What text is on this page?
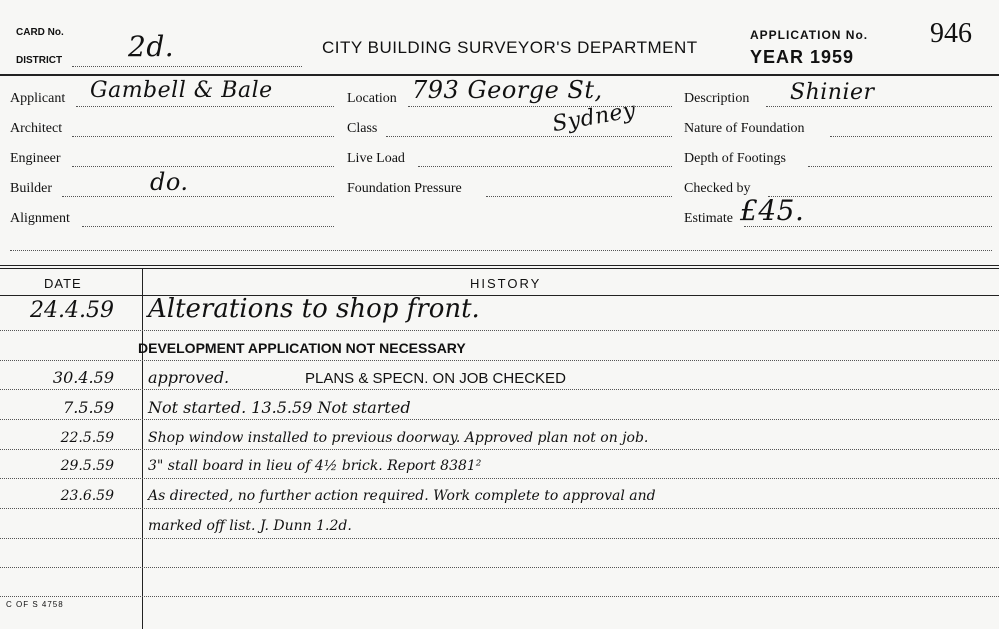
CARD No.
DISTRICT 2d.	CITY BUILDING SURVEYOR'S DEPARTMENT
APPLICATION No. 946
YEAR 1959
Applicant Gambell & Bale
Architect
Engineer
Builder	do.
Alignment
Location 793 George St,
Sydney
Class
Live Load
Foundation Pressure
Description Shinier
Nature of Foundation
Depth of Footings
Checked by
Estimate £45.
DATE	HISTORY
24.4.59 Alterations to shop front.
DEVELOPMENT APPLICATION NOT NECESSARY
30.4.59 approved.	PLANS & SPECN. ON JOB CHECKED
7.5.59 Not started. 13.5.59 Not started
22.5.59 Shop window installed to previous doorway. Approved plan not on job.
29.5.59 3" stall board in lieu of 4½ brick. Report 8381²
23.6.59 As directed, no further action required. Work complete to approval and
marked off list. J. Dunn 1.2d.
C OF S 4758
